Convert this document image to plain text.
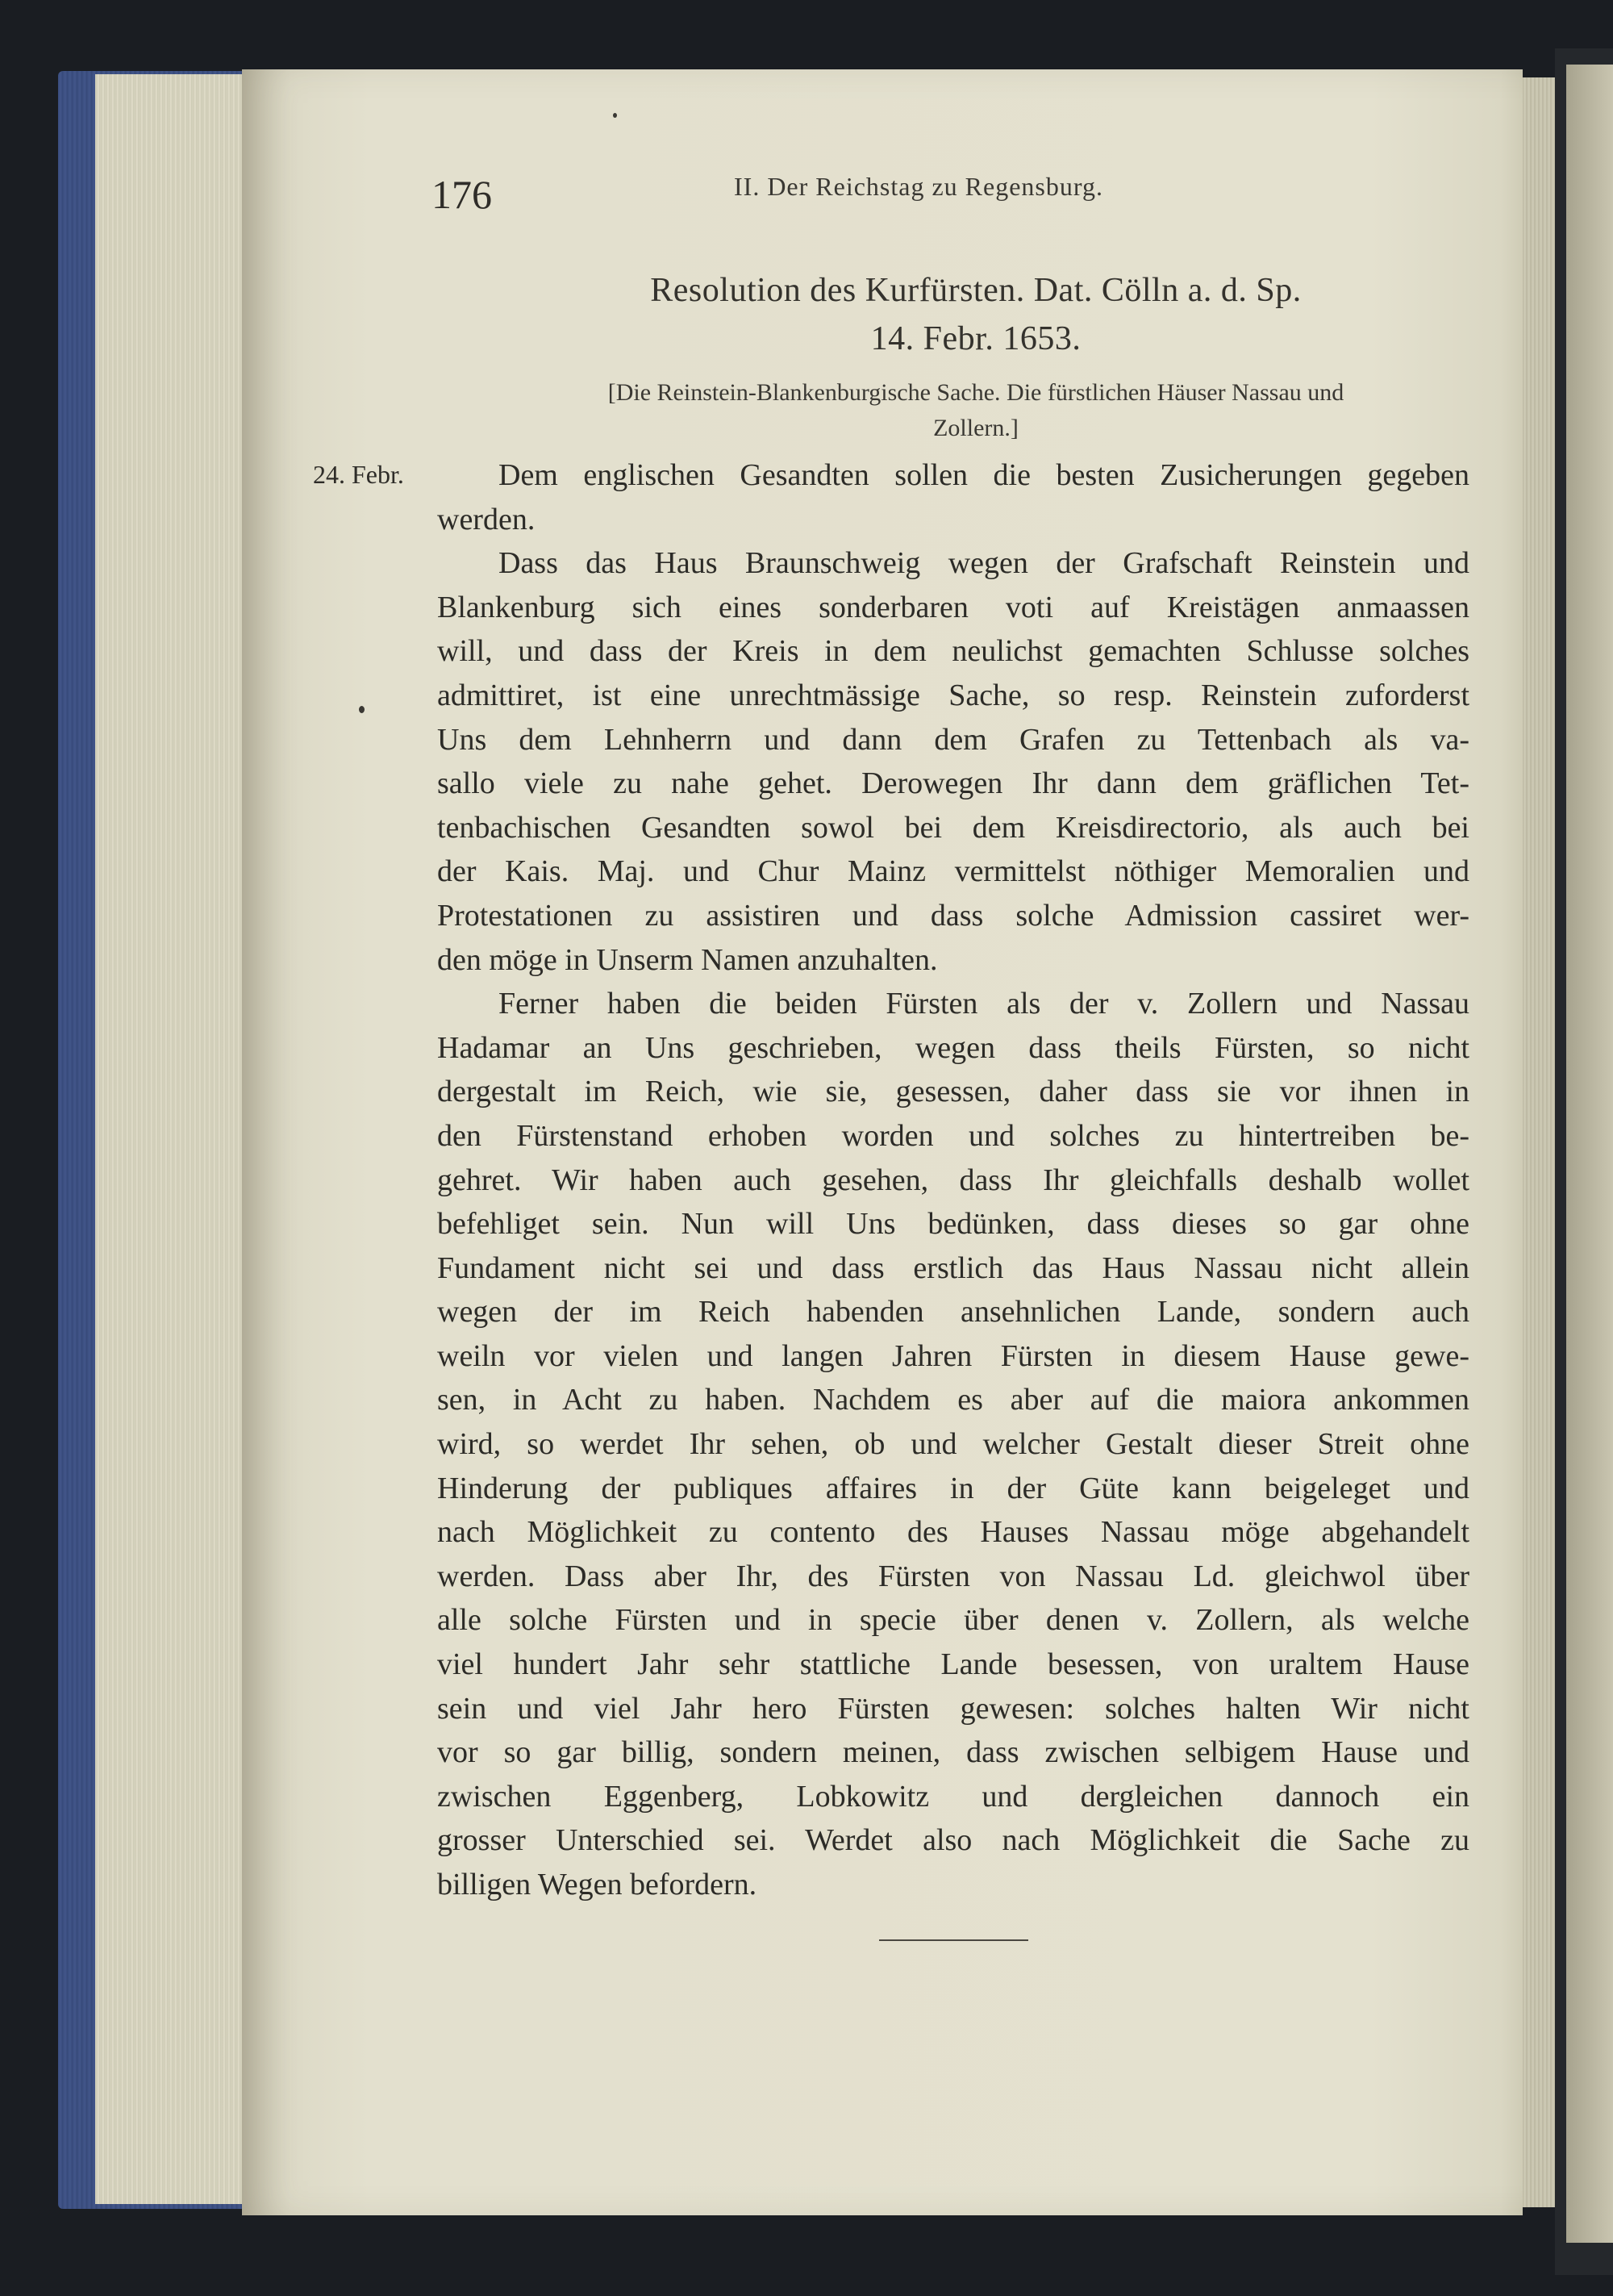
176	II. Der Reichstag zu Regensburg.
Resolution des Kurfürsten. Dat. Cölln a. d. Sp.
14. Febr. 1653.
[Die Reinstein-Blankenburgische Sache. Die fürstlichen Häuser Nassau und
Zollern.]
24. Febr.	Dem englischen Gesandten sollen die besten Zusicherungen gegeben
werden.
Dass das Haus Braunschweig wegen der Grafschaft Reinstein und
Blankenburg sich eines sonderbaren voti auf Kreistägen anmaassen
will, und dass der Kreis in dem neulichst gemachten Schlusse solches
admittiret, ist eine unrechtmässige Sache, so resp. Reinstein zuforderst
Uns dem Lehnherrn und dann dem Grafen zu Tettenbach als va-
sallo viele zu nahe gehet. Derowegen Ihr dann dem gräflichen Tet-
tenbachischen Gesandten sowol bei dem Kreisdirectorio, als auch bei
der Kais. Maj. und Chur Mainz vermittelst nöthiger Memoralien und
Protestationen zu assistiren und dass solche Admission cassiret wer-
den möge in Unserm Namen anzuhalten.
Ferner haben die beiden Fürsten als der v. Zollern und Nassau
Hadamar an Uns geschrieben, wegen dass theils Fürsten, so nicht
dergestalt im Reich, wie sie, gesessen, daher dass sie vor ihnen in
den Fürstenstand erhoben worden und solches zu hintertreiben be-
gehret. Wir haben auch gesehen, dass Ihr gleichfalls deshalb wollet
befehliget sein. Nun will Uns bedünken, dass dieses so gar ohne
Fundament nicht sei und dass erstlich das Haus Nassau nicht allein
wegen der im Reich habenden ansehnlichen Lande, sondern auch
weiln vor vielen und langen Jahren Fürsten in diesem Hause gewe-
sen, in Acht zu haben. Nachdem es aber auf die maiora ankommen
wird, so werdet Ihr sehen, ob und welcher Gestalt dieser Streit ohne
Hinderung der publiques affaires in der Güte kann beigeleget und
nach Möglichkeit zu contento des Hauses Nassau möge abgehandelt
werden. Dass aber Ihr, des Fürsten von Nassau Ld. gleichwol über
alle solche Fürsten und in specie über denen v. Zollern, als welche
viel hundert Jahr sehr stattliche Lande besessen, von uraltem Hause
sein und viel Jahr hero Fürsten gewesen: solches halten Wir nicht
vor so gar billig, sondern meinen, dass zwischen selbigem Hause und
zwischen Eggenberg, Lobkowitz und dergleichen dannoch ein
grosser Unterschied sei. Werdet also nach Möglichkeit die Sache zu
billigen Wegen befordern.
